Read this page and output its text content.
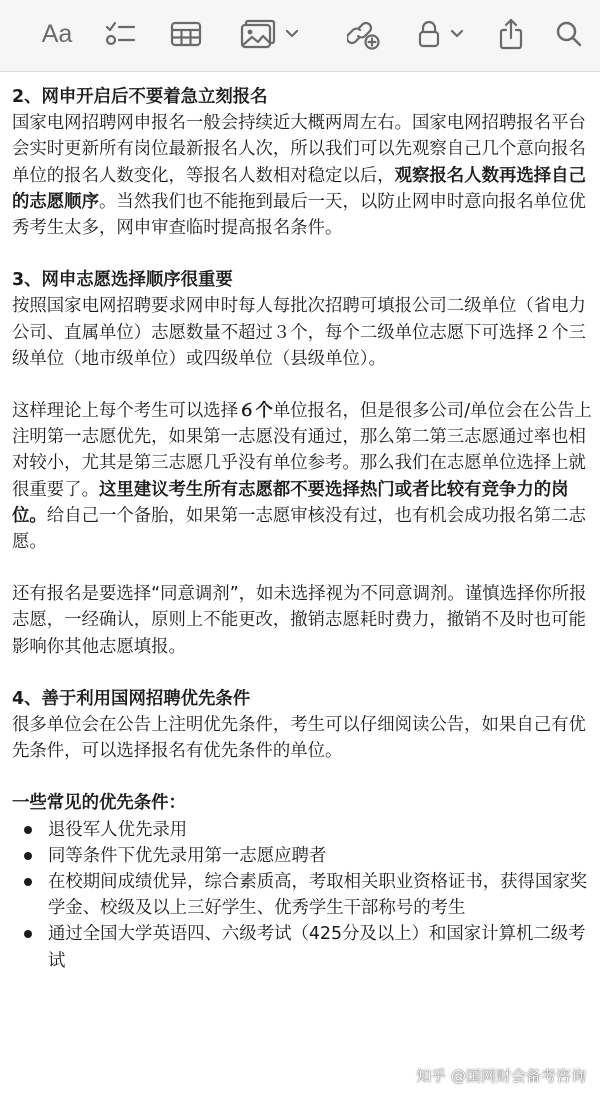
Aa

2、网申开启后不要着急立刻报名

国家电网招聘网申报名一般会持续近大概两周左右。国家电网招聘报名平台会实时更新所有岗位最新报名人次，所以我们可以先观察自己几个意向报名单位的报名人数变化，等报名人数相对稳定以后，观察报名人数再选择自己的志愿顺序。当然我们也不能拖到最后一天，以防止网申时意向报名单位优秀考生太多，网申审查临时提高报名条件。

3、网申志愿选择顺序很重要

按照国家电网招聘要求网申时每人每批次招聘可填报公司二级单位（省电力公司、直属单位）志愿数量不超过３个，每个二级单位志愿下可选择２个三级单位（地市级单位）或四级单位（县级单位）。

这样理论上每个考生可以选择６个单位报名，但是很多公司/单位会在公告上注明第一志愿优先，如果第一志愿没有通过，那么第二第三志愿通过率也相对较小，尤其是第三志愿几乎没有单位参考。那么我们在志愿单位选择上就很重要了。这里建议考生所有志愿都不要选择热门或者比较有竞争力的岗位。给自己一个备胎，如果第一志愿审核没有过，也有机会成功报名第二志愿。

还有报名是要选择“同意调剂”，如未选择视为不同意调剂。谨慎选择你所报志愿，一经确认，原则上不能更改，撤销志愿耗时费力，撤销不及时也可能影响你其他志愿填报。

4、善于利用国网招聘优先条件

很多单位会在公告上注明优先条件，考生可以仔细阅读公告，如果自己有优先条件，可以选择报名有优先条件的单位。

一些常见的优先条件：

退役军人优先录用
同等条件下优先录用第一志愿应聘者
在校期间成绩优异，综合素质高，考取相关职业资格证书，获得国家奖学金、校级及以上三好学生、优秀学生干部称号的考生
通过全国大学英语四、六级考试（425分及以上）和国家计算机二级考试
知乎 @国网财会备考咨询
